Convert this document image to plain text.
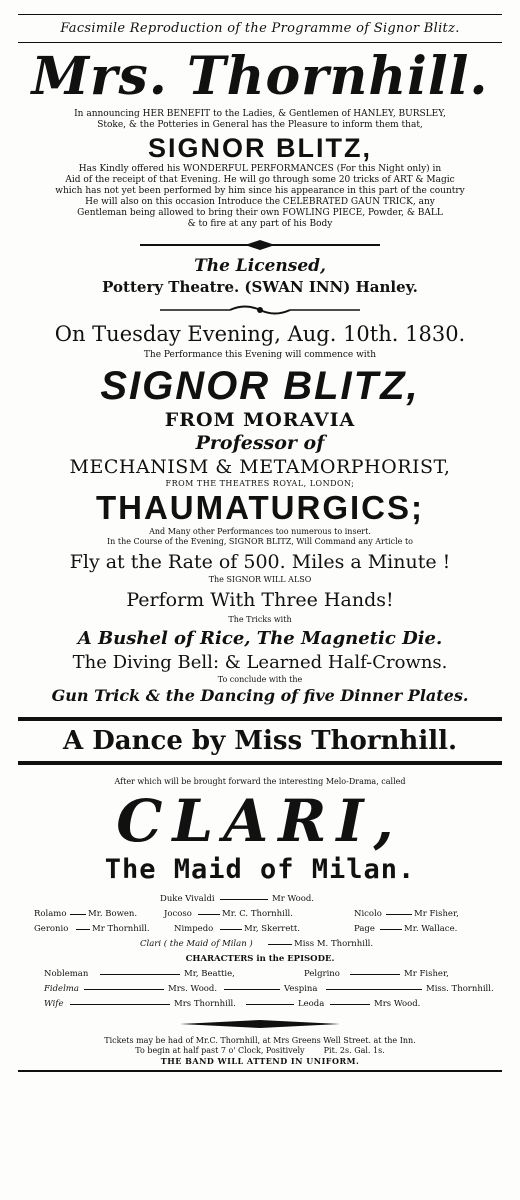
Facsimile Reproduction of the Programme of Signor Blitz.
Mrs. Thornhill.
In announcing HER BENEFIT to the Ladies, & Gentlemen of HANLEY, BURSLEY,
Stoke, & the Potteries in General has the Pleasure to inform them that,
SIGNOR BLITZ,
Has Kindly offered his WONDERFUL PERFORMANCES (For this Night only) in
Aid of the receipt of that Evening. He will go through some 20 tricks of ART & Magic
which has not yet been performed by him since his appearance in this part of the country
He will also on this occasion Introduce the CELEBRATED GAUN TRICK, any
Gentleman being allowed to bring their own FOWLING PIECE, Powder, & BALL
& to fire at any part of his Body
The Licensed,
Pottery Theatre. (SWAN INN) Hanley.
On Tuesday Evening, Aug. 10th. 1830.
The Performance this Evening will commence with
SIGNOR BLITZ,
FROM MORAVIA
Professor of
MECHANISM & METAMORPHORIST,
FROM THE THEATRES ROYAL, LONDON;
THAUMATURGICS;
And Many other Performances too numerous to insert.
In the Course of the Evening, SIGNOR BLITZ, Will Command any Article to
Fly at the Rate of 500. Miles a Minute !
The SIGNOR WILL ALSO
Perform With Three Hands!
The Tricks with
A Bushel of Rice, The Magnetic Die.
The Diving Bell: & Learned Half-Crowns.
To conclude with the
Gun Trick & the Dancing of five Dinner Plates.
A Dance by Miss Thornhill.
After which will be brought forward the interesting Melo-Drama, called
CLARI,
The Maid of Milan.
Duke Vivaldi	Mr Wood.
Rolamo	Mr. Bowen.	Jocoso	Mr. C. Thornhill.	Nicolo	Mr Fisher,
Geronio	Mr Thornhill.	Nimpedo	Mr, Skerrett.	Page	Mr. Wallace.
Clari ( the Maid of Milan )	Miss M. Thornhill.
CHARACTERS in the EPISODE.
Nobleman	Mr, Beattie,	Pelgrino	Mr Fisher,
Fidelma	Mrs. Wood.	Vespina	Miss. Thornhill.
Wife	Mrs Thornhill.	Leoda	Mrs Wood.
Tickets may be had of Mr.C. Thornhill, at Mrs Greens Well Street. at the Inn.
To begin at half past 7 o' Clock, Positively Pit. 2s. Gal. 1s.
THE BAND WILL ATTEND IN UNIFORM.
